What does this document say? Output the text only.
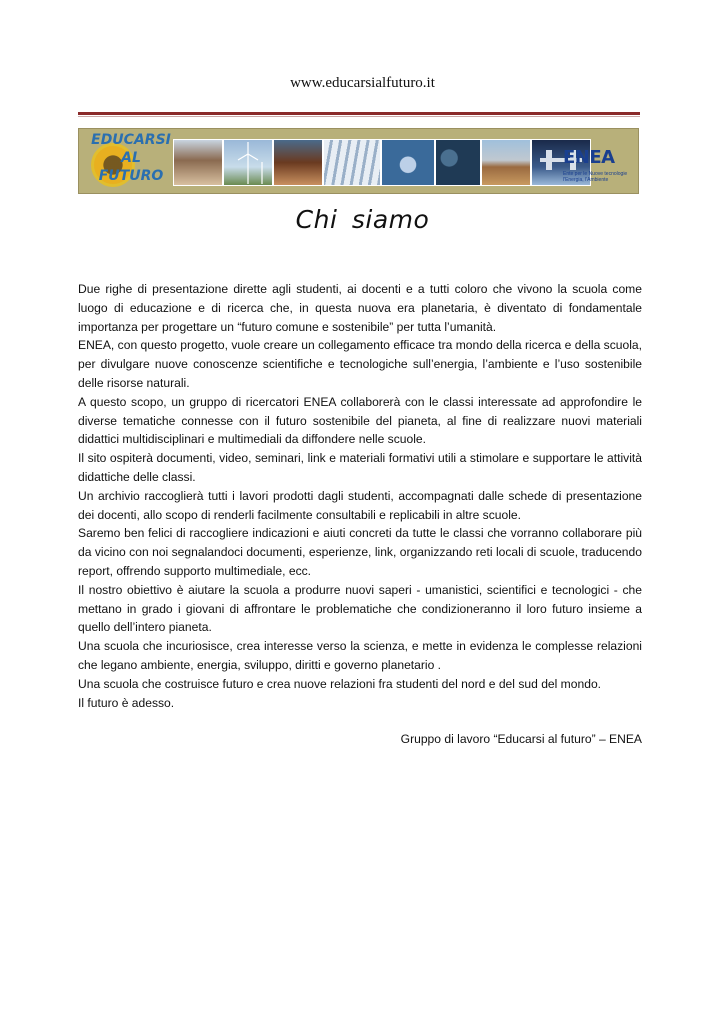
www.educarsialfuturo.it
EDUCARSI
AL
FUTURO
ENEA
Ente per le Nuove tecnologie l'Energia, l'Ambiente
Chi siamo

Due righe di presentazione dirette agli studenti, ai docenti e a tutti coloro che vivono la scuola come luogo di educazione e di ricerca che, in questa nuova era planetaria, è diventato di fondamentale importanza per progettare un “futuro comune e sostenibile” per tutta l’umanità.

ENEA, con questo progetto, vuole creare un collegamento efficace tra mondo della ricerca e della scuola, per divulgare nuove conoscenze scientifiche e tecnologiche sull’energia, l’ambiente e l’uso sostenibile delle risorse naturali.

A questo scopo, un gruppo di ricercatori ENEA collaborerà con le classi interessate ad approfondire le diverse tematiche connesse con il futuro sostenibile del pianeta, al fine di realizzare nuovi materiali didattici multidisciplinari e multimediali da diffondere nelle scuole.

Il sito ospiterà documenti, video, seminari, link e materiali formativi utili a stimolare e supportare le attività didattiche delle classi.

Un archivio raccoglierà tutti i lavori prodotti dagli studenti, accompagnati dalle schede di presentazione dei docenti, allo scopo di renderli facilmente consultabili e replicabili in altre scuole.

Saremo ben felici di raccogliere indicazioni e aiuti concreti da tutte le classi che vorranno collaborare più da vicino con noi segnalandoci documenti, esperienze, link, organizzando reti locali di scuole, traducendo report, offrendo supporto multimediale, ecc.

Il nostro obiettivo è aiutare la scuola a produrre nuovi saperi - umanistici, scientifici e tecnologici - che mettano in grado i giovani di affrontare le problematiche che condizioneranno il loro futuro insieme a quello dell’intero pianeta.

Una scuola che incuriosisce, crea interesse verso la scienza, e mette in evidenza le complesse relazioni che legano ambiente, energia, sviluppo, diritti e governo planetario .

Una scuola che costruisce futuro e crea nuove relazioni fra studenti del nord e del sud del mondo.

Il futuro è adesso.

Gruppo di lavoro “Educarsi al futuro” – ENEA
